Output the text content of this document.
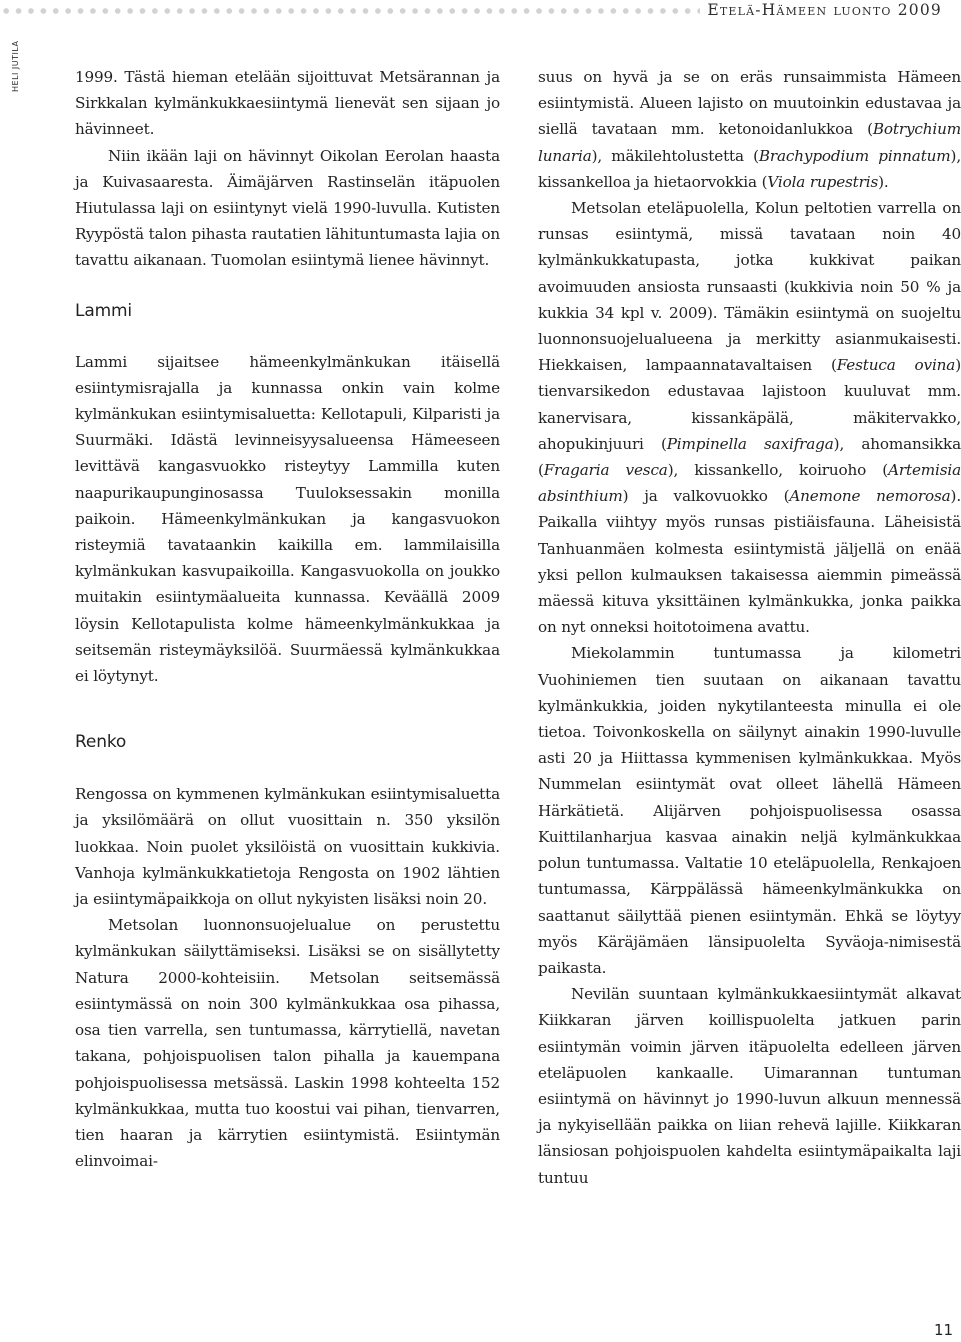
Etelä-Hämeen luonto 2009
HELI JUTILA	1999. Tästä hieman etelään sijoittuvat Metsärannan ja Sirkkalan kylmänkukkaesiintymä lienevät sen sijaan jo hävinneet.

Niin ikään laji on hävinnyt Oikolan Eerolan haasta ja Kuivasaaresta. Äimäjärven Rastinselän itäpuolen Hiutulassa laji on esiintynyt vielä 1990-luvulla. Kutisten Ryypöstä talon pihasta rautatien lähituntumasta lajia on tavattu aikanaan. Tuomolan esiintymä lienee hävinnyt.

Lammi

Lammi sijaitsee hämeenkylmänkukan itäisellä esiintymisrajalla ja kunnassa onkin vain kolme kylmänkukan esiintymisaluetta: Kellotapuli, Kilparisti ja Suurmäki. Idästä levinneisyysalueensa Hämeeseen levittävä kangasvuokko risteytyy Lammilla kuten naapurikaupunginosassa Tuuloksessakin monilla paikoin. Hämeenkylmänkukan ja kangasvuokon risteymiä tavataankin kaikilla em. lammilaisilla kylmänkukan kasvupaikoilla. Kangasvuokolla on joukko muitakin esiintymäalueita kunnassa. Keväällä 2009 löysin Kellotapulista kolme hämeenkylmänkukkaa ja seitsemän risteymäyksilöä. Suurmäessä kylmänkukkaa ei löytynyt.

Renko

Rengossa on kymmenen kylmänkukan esiintymisaluetta ja yksilömäärä on ollut vuosittain n. 350 yksilön luokkaa. Noin puolet yksilöistä on vuosittain kukkivia. Vanhoja kylmänkukkatietoja Rengosta on 1902 lähtien ja esiintymäpaikkoja on ollut nykyisten lisäksi noin 20.

Metsolan luonnonsuojelualue on perustettu kylmänkukan säilyttämiseksi. Lisäksi se on sisällytetty Natura 2000-kohteisiin. Metsolan seitsemässä esiintymässä on noin 300 kylmänkukkaa osa pihassa, osa tien varrella, sen tuntumassa, kärrytiellä, navetan takana, pohjoispuolisen talon pihalla ja kauempana pohjoispuolisessa metsässä. Laskin 1998 kohteelta 152 kylmänkukkaa, mutta tuo koostui vai pihan, tienvarren, tien haaran ja kärrytien esiintymistä. Esiintymän elinvoimai-

suus on hyvä ja se on eräs runsaimmista Hämeen esiintymistä. Alueen lajisto on muutoinkin edustavaa ja siellä tavataan mm. ketonoidanlukkoa (Botrychium lunaria), mäkilehtolustetta (Brachypodium pinnatum), kissankelloa ja hietaorvokkia (Viola rupestris).

Metsolan eteläpuolella, Kolun peltotien varrella on runsas esiintymä, missä tavataan noin 40 kylmänkukkatupasta, jotka kukkivat paikan avoimuuden ansiosta runsaasti (kukkivia noin 50 % ja kukkia 34 kpl v. 2009). Tämäkin esiintymä on suojeltu luonnonsuojelualueena ja merkitty asianmukaisesti. Hiekkaisen, lampaannatavaltaisen (Festuca ovina) tienvarsikedon edustavaa lajistoon kuuluvat mm. kanervisara, kissankäpälä, mäkitervakko, ahopukinjuuri (Pimpinella saxifraga), ahomansikka (Fragaria vesca), kissankello, koiruoho (Artemisia absinthium) ja valkovuokko (Anemone nemorosa). Paikalla viihtyy myös runsas pistiäisfauna. Läheisistä Tanhuanmäen kolmesta esiintymistä jäljellä on enää yksi pellon kulmauksen takaisessa aiemmin pimeässä mäessä kituva yksittäinen kylmänkukka, jonka paikka on nyt onneksi hoitotoimena avattu.

Miekolammin tuntumassa ja kilometri Vuohiniemen tien suutaan on aikanaan tavattu kylmänkukkia, joiden nykytilanteesta minulla ei ole tietoa. Toivonkoskella on säilynyt ainakin 1990-luvulle asti 20 ja Hiittassa kymmenisen kylmänkukkaa. Myös Nummelan esiintymät ovat olleet lähellä Hämeen Härkätietä. Alijärven pohjoispuolisessa osassa Kuittilanharjua kasvaa ainakin neljä kylmänkukkaa polun tuntumassa. Valtatie 10 eteläpuolella, Renkajoen tuntumassa, Kärppälässä hämeenkylmänkukka on saattanut säilyttää pienen esiintymän. Ehkä se löytyy myös Käräjämäen länsipuolelta Syväoja-nimisestä paikasta.

Nevilän suuntaan kylmänkukkaesiintymät alkavat Kiikkaran järven koillispuolelta jatkuen parin esiintymän voimin järven itäpuolelta edelleen järven eteläpuolen kankaalle. Uimarannan tuntuman esiintymä on hävinnyt jo 1990-luvun alkuun mennessä ja nykyisellään paikka on liian rehevä lajille. Kiikkaran länsiosan pohjoispuolen kahdelta esiintymäpaikalta laji tuntuu

11
